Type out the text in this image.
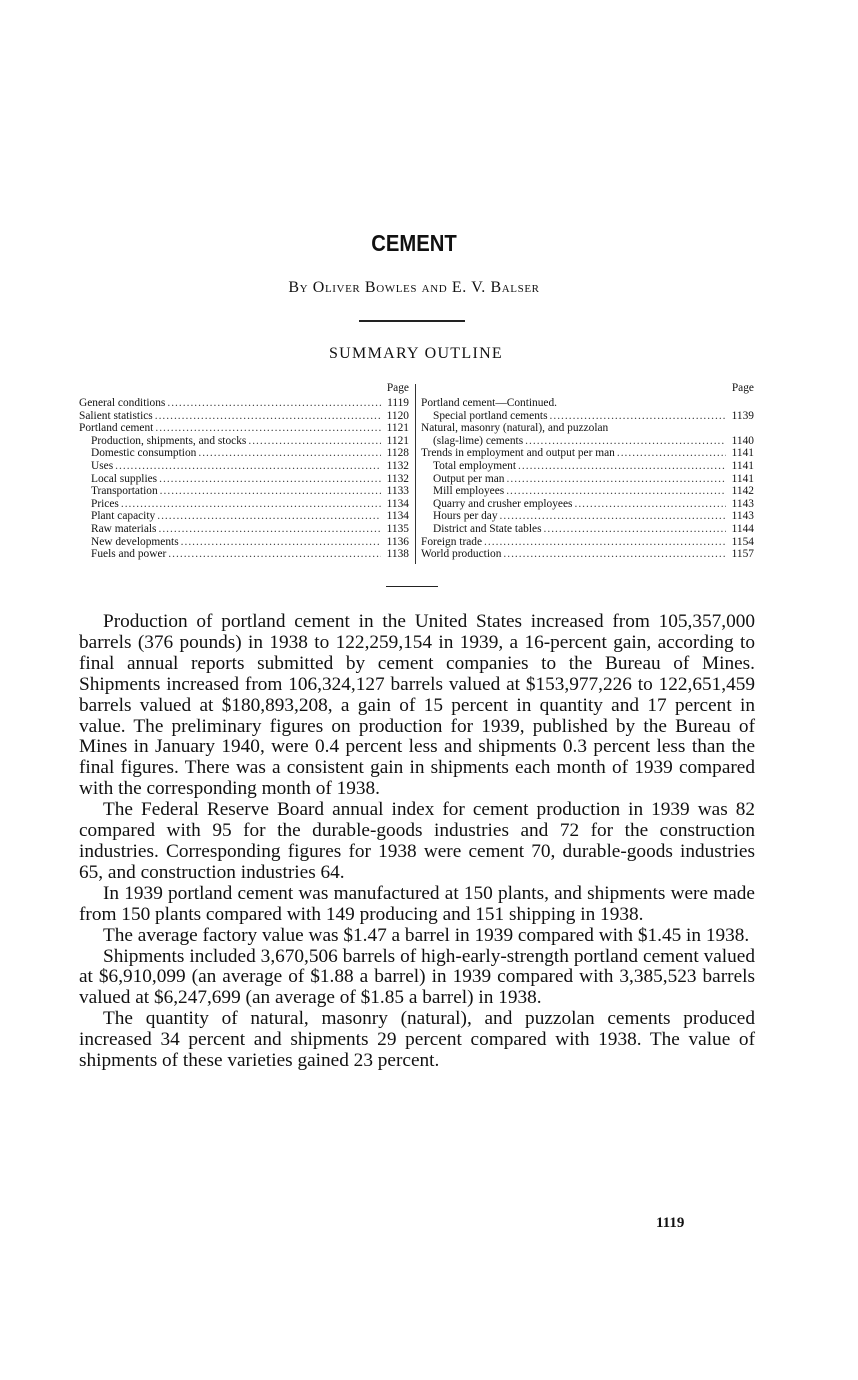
CEMENT
By Oliver Bowles and E. V. Balser
SUMMARY OUTLINE
Page
General conditions .....	1119
Salient statistics .....	1120
Portland cement .....	1121
Production, shipments, and stocks .....	1121
Domestic consumption .....	1128
Uses .....	1132
Local supplies .....	1132
Transportation .....	1133
Prices .....	1134
Plant capacity .....	1134
Raw materials .....	1135
New developments .....	1136
Fuels and power .....	1138
Page
Portland cement—Continued.
Special portland cements .....	1139
Natural, masonry (natural), and puzzolan
(slag-lime) cements .....	1140
Trends in employment and output per man .....	1141
Total employment .....	1141
Output per man .....	1141
Mill employees .....	1142
Quarry and crusher employees .....	1143
Hours per day .....	1143
District and State tables .....	1144
Foreign trade .....	1154
World production .....	1157

Production of portland cement in the United States increased from 105,357,000 barrels (376 pounds) in 1938 to 122,259,154 in 1939, a 16-percent gain, according to final annual reports submitted by cement companies to the Bureau of Mines. Shipments increased from 106,324,127 barrels valued at $153,977,226 to 122,651,459 barrels valued at $180,893,208, a gain of 15 percent in quantity and 17 percent in value. The preliminary figures on production for 1939, published by the Bureau of Mines in January 1940, were 0.4 percent less and shipments 0.3 percent less than the final figures. There was a consistent gain in shipments each month of 1939 compared with the corresponding month of 1938.

The Federal Reserve Board annual index for cement production in 1939 was 82 compared with 95 for the durable-goods industries and 72 for the construction industries. Corresponding figures for 1938 were cement 70, durable-goods industries 65, and construction industries 64.

In 1939 portland cement was manufactured at 150 plants, and shipments were made from 150 plants compared with 149 producing and 151 shipping in 1938.

The average factory value was $1.47 a barrel in 1939 compared with $1.45 in 1938.

Shipments included 3,670,506 barrels of high-early-strength portland cement valued at $6,910,099 (an average of $1.88 a barrel) in 1939 compared with 3,385,523 barrels valued at $6,247,699 (an average of $1.85 a barrel) in 1938.

The quantity of natural, masonry (natural), and puzzolan cements produced increased 34 percent and shipments 29 percent compared with 1938. The value of shipments of these varieties gained 23 percent.

1119
